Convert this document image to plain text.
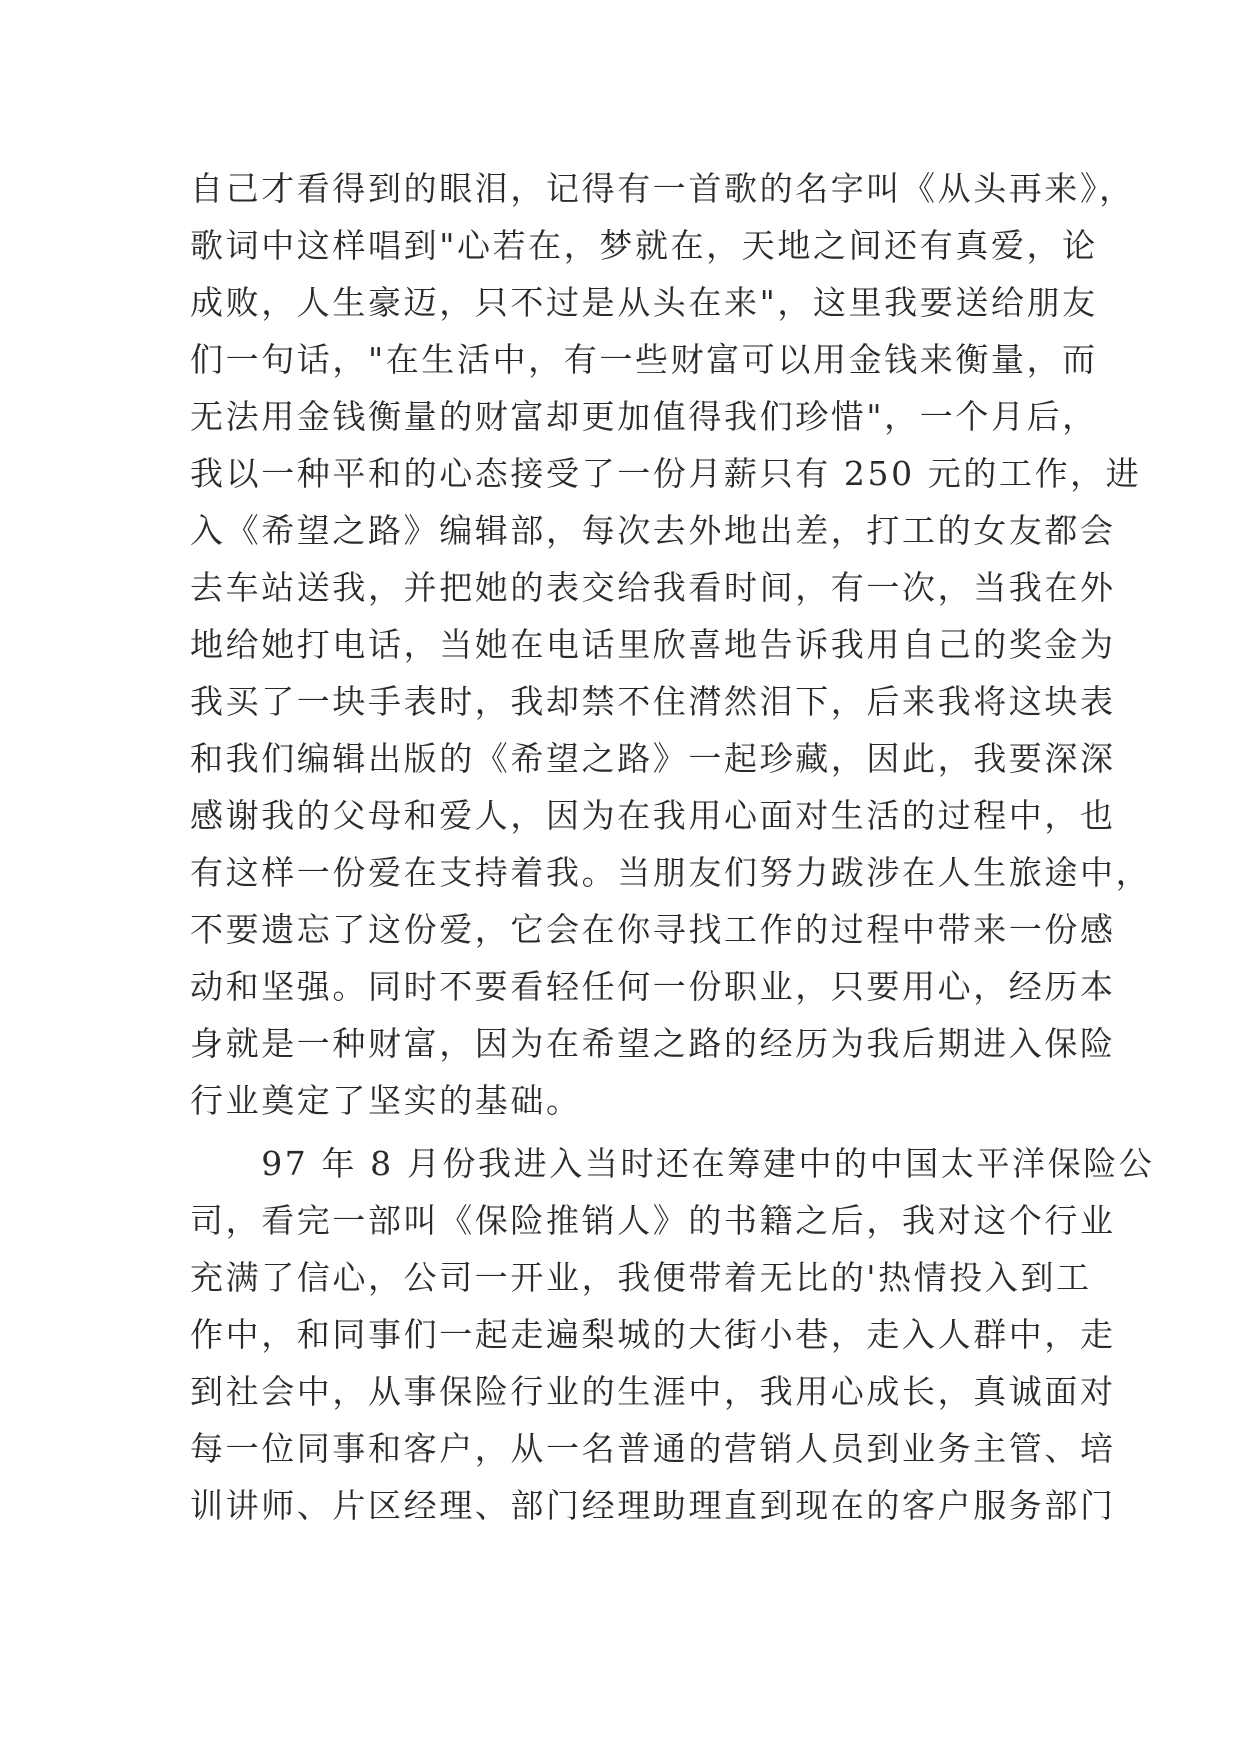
自己才看得到的眼泪，记得有一首歌的名字叫《从头再来》，
歌词中这样唱到"心若在，梦就在，天地之间还有真爱，论
成败，人生豪迈，只不过是从头在来"，这里我要送给朋友
们一句话，"在生活中，有一些财富可以用金钱来衡量，而
无法用金钱衡量的财富却更加值得我们珍惜"，一个月后，
我以一种平和的心态接受了一份月薪只有 250 元的工作，进
入《希望之路》编辑部，每次去外地出差，打工的女友都会
去车站送我，并把她的表交给我看时间，有一次，当我在外
地给她打电话，当她在电话里欣喜地告诉我用自己的奖金为
我买了一块手表时，我却禁不住潸然泪下，后来我将这块表
和我们编辑出版的《希望之路》一起珍藏，因此，我要深深
感谢我的父母和爱人，因为在我用心面对生活的过程中，也
有这样一份爱在支持着我。当朋友们努力跋涉在人生旅途中，
不要遗忘了这份爱，它会在你寻找工作的过程中带来一份感
动和坚强。同时不要看轻任何一份职业，只要用心，经历本
身就是一种财富，因为在希望之路的经历为我后期进入保险
行业奠定了坚实的基础。
　　97 年 8 月份我进入当时还在筹建中的中国太平洋保险公
司，看完一部叫《保险推销人》的书籍之后，我对这个行业
充满了信心，公司一开业，我便带着无比的'热情投入到工
作中，和同事们一起走遍梨城的大街小巷，走入人群中，走
到社会中，从事保险行业的生涯中，我用心成长，真诚面对
每一位同事和客户，从一名普通的营销人员到业务主管、培
训讲师、片区经理、部门经理助理直到现在的客户服务部门
